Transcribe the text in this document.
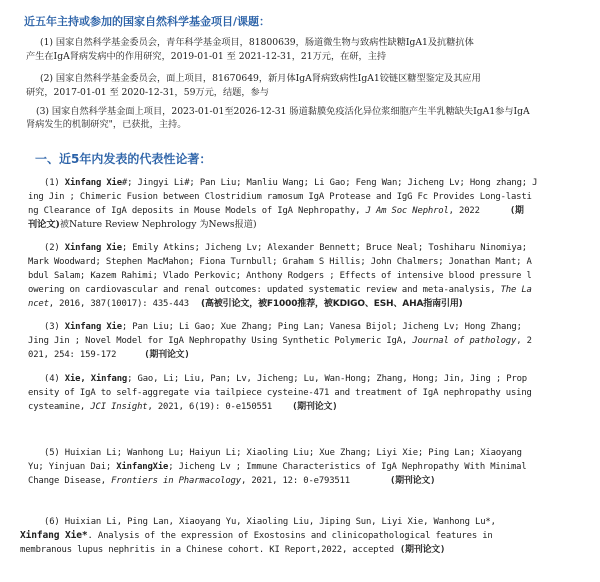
近五年主持或参加的国家自然科学基金项目/课题：
(1) 国家自然科学基金委员会，青年科学基金项目，81800639，肠道微生物与致病性缺糖IgA1及抗糖抗体
产生在IgA肾病发病中的作用研究，2019-01-01 至 2021-12-31，21万元，在研，主持
(2) 国家自然科学基金委员会，面上项目，81670649，新月体IgA肾病致病性IgA1铰链区糖型鉴定及其应用
研究，2017-01-01 至 2020-12-31，59万元，结题，参与
(3) 国家自然科学基金面上项目，2023-01-01至2026-12-31 肠道黏膜免疫活化异位浆细胞产生半乳糖缺失IgA1参与IgA
肾病发生的机制研究"，已获批，主持。
一、近5年内发表的代表性论著：
(1) Xinfang Xie#; Jingyi Li#; Pan Liu; Manliu Wang; Li Gao; Feng Wan; Jicheng Lv; Hong zhang; J
ing Jin ; Chimeric Fusion between Clostridium ramosum IgA Protease and IgG Fc Provides Long-lasti
ng Clearance of IgA deposits in Mouse Models of IgA Nephropathy, J Am Soc Nephrol, 2022	(期
刊论文)被Nature Review Nephrology 为News报道)
(2) Xinfang Xie; Emily Atkins; Jicheng Lv; Alexander Bennett; Bruce Neal; Toshiharu Ninomiya;
Mark Woodward; Stephen MacMahon; Fiona Turnbull; Graham S Hillis; John Chalmers; Jonathan Mant; A
bdul Salam; Kazem Rahimi; Vlado Perkovic; Anthony Rodgers ; Effects of intensive blood pressure l
owering on cardiovascular and renal outcomes: updated systematic review and meta-analysis, The La
ncet, 2016, 387(10017): 435-443 (高被引论文，被F1000推荐，被KDIGO、ESH、AHA指南引用)
(3) Xinfang Xie; Pan Liu; Li Gao; Xue Zhang; Ping Lan; Vanesa Bijol; Jicheng Lv; Hong Zhang;
Jing Jin ; Novel Model for IgA Nephropathy Using Synthetic Polymeric IgA, Journal of pathology, 2
021, 254: 159-172	(期刊论文)
(4) Xie, Xinfang; Gao, Li; Liu, Pan; Lv, Jicheng; Lu, Wan-Hong; Zhang, Hong; Jin, Jing ; Prop
ensity of IgA to self-aggregate via tailpiece cysteine-471 and treatment of IgA nephropathy using
cysteamine, JCI Insight, 2021, 6(19): 0-e150551 (期刊论文)
(5) Huixian Li; Wanhong Lu; Haiyun Li; Xiaoling Liu; Xue Zhang; Liyi Xie; Ping Lan; Xiaoyang
Yu; Yinjuan Dai; XinfangXie; Jicheng Lv ; Immune Characteristics of IgA Nephropathy With Minimal
Change Disease, Frontiers in Pharmacology, 2021, 12: 0-e793511	(期刊论文)
(6) Huixian Li, Ping Lan, Xiaoyang Yu, Xiaoling Liu, Jiping Sun, Liyi Xie, Wanhong Lu*,
Xinfang Xie*. Analysis of the expression of Exostosins and clinicopathological features in
membranous lupus nephritis in a Chinese cohort. KI Report,2022, accepted (期刊论文)
